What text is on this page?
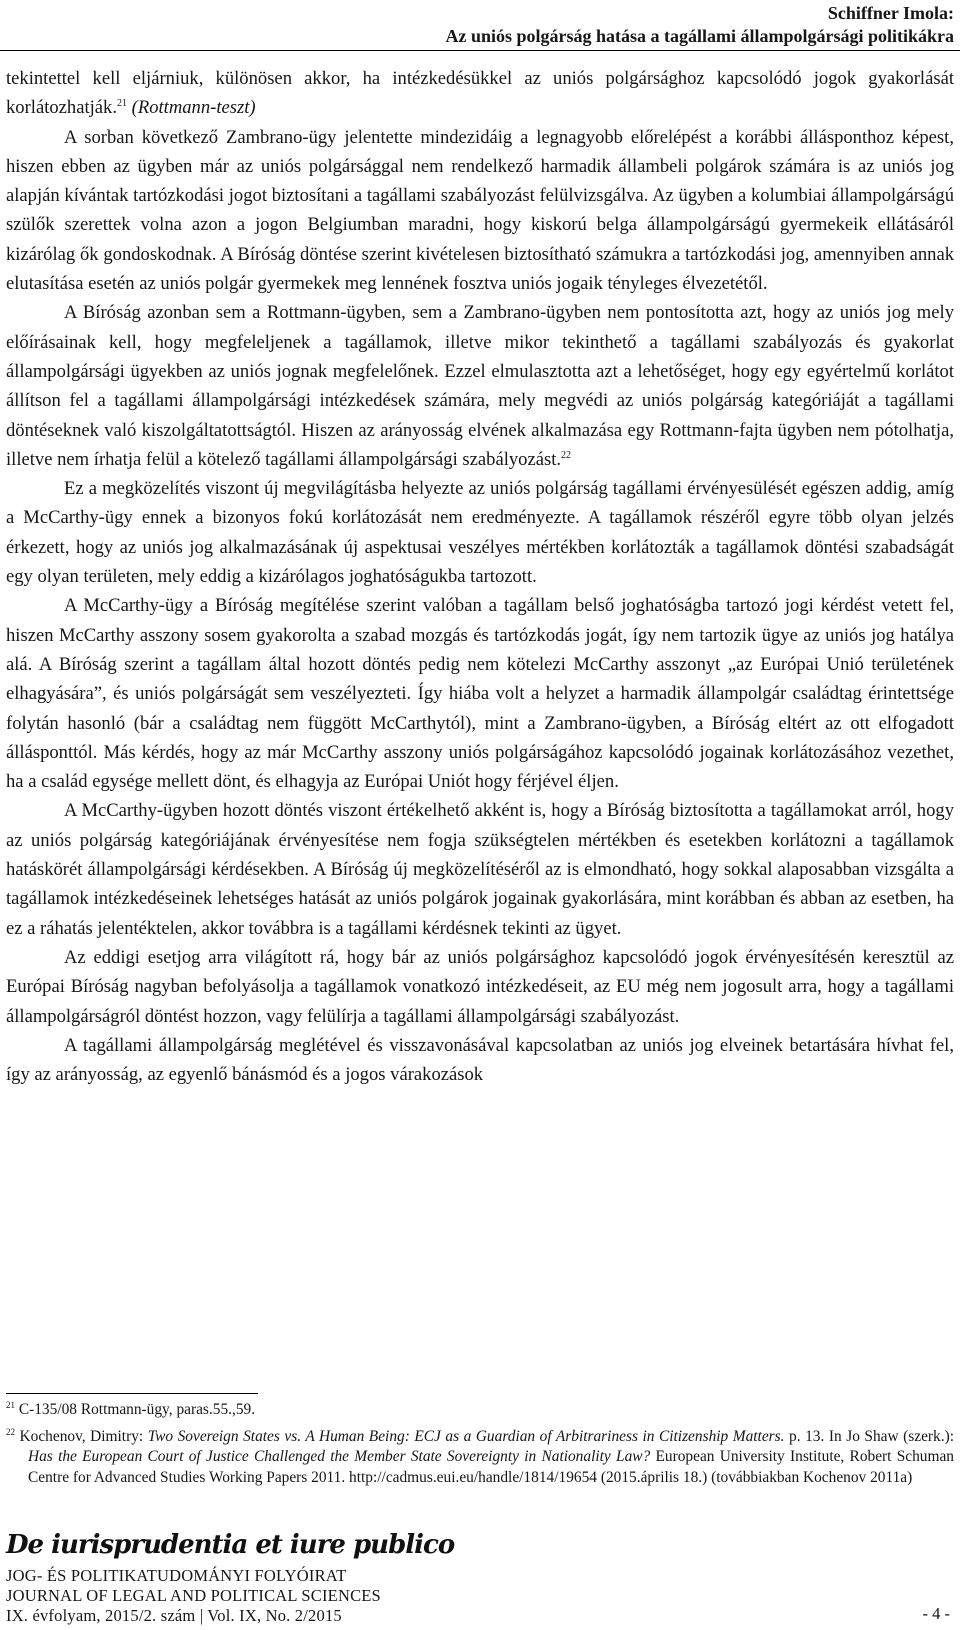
Schiffner Imola:
Az uniós polgárság hatása a tagállami állampolgársági politikákra

tekintettel kell eljárniuk, különösen akkor, ha intézkedésükkel az uniós polgársághoz kapcsolódó jogok gyakorlását korlátozhatják.$^{21}$ (Rottmann-teszt)

A sorban következő Zambrano-ügy jelentette mindezidáig a legnagyobb előrelépést a korábbi állásponthoz képest, hiszen ebben az ügyben már az uniós polgársággal nem rendelkező harmadik állambeli polgárok számára is az uniós jog alapján kívántak tartózkodási jogot biztosítani a tagállami szabályozást felülvizsgálva. Az ügyben a kolumbiai állampolgárságú szülők szerettek volna azon a jogon Belgiumban maradni, hogy kiskorú belga állampolgárságú gyermekeik ellátásáról kizárólag ők gondoskodnak. A Bíróság döntése szerint kivételesen biztosítható számukra a tartózkodási jog, amennyiben annak elutasítása esetén az uniós polgár gyermekek meg lennének fosztva uniós jogaik tényleges élvezetétől.

A Bíróság azonban sem a Rottmann-ügyben, sem a Zambrano-ügyben nem pontosította azt, hogy az uniós jog mely előírásainak kell, hogy megfeleljenek a tagállamok, illetve mikor tekinthető a tagállami szabályozás és gyakorlat állampolgársági ügyekben az uniós jognak megfelelőnek. Ezzel elmulasztotta azt a lehetőséget, hogy egy egyértelmű korlátot állítson fel a tagállami állampolgársági intézkedések számára, mely megvédi az uniós polgárság kategóriáját a tagállami döntéseknek való kiszolgáltatottságtól. Hiszen az arányosság elvének alkalmazása egy Rottmann-fajta ügyben nem pótolhatja, illetve nem írhatja felül a kötelező tagállami állampolgársági szabályozást.$^{22}$

Ez a megközelítés viszont új megvilágításba helyezte az uniós polgárság tagállami érvényesülését egészen addig, amíg a McCarthy-ügy ennek a bizonyos fokú korlátozását nem eredményezte. A tagállamok részéről egyre több olyan jelzés érkezett, hogy az uniós jog alkalmazásának új aspektusai veszélyes mértékben korlátozták a tagállamok döntési szabadságát egy olyan területen, mely eddig a kizárólagos joghatóságukba tartozott.

A McCarthy-ügy a Bíróság megítélése szerint valóban a tagállam belső joghatóságba tartozó jogi kérdést vetett fel, hiszen McCarthy asszony sosem gyakorolta a szabad mozgás és tartózkodás jogát, így nem tartozik ügye az uniós jog hatálya alá. A Bíróság szerint a tagállam által hozott döntés pedig nem kötelezi McCarthy asszonyt „az Európai Unió területének elhagyására”, és uniós polgárságát sem veszélyezteti. Így hiába volt a helyzet a harmadik állampolgár családtag érintettsége folytán hasonló (bár a családtag nem függött McCarthytól), mint a Zambrano-ügyben, a Bíróság eltért az ott elfogadott állásponttól. Más kérdés, hogy az már McCarthy asszony uniós polgárságához kapcsolódó jogainak korlátozásához vezethet, ha a család egysége mellett dönt, és elhagyja az Európai Uniót hogy férjével éljen.

A McCarthy-ügyben hozott döntés viszont értékelhető akként is, hogy a Bíróság biztosította a tagállamokat arról, hogy az uniós polgárság kategóriájának érvényesítése nem fogja szükségtelen mértékben és esetekben korlátozni a tagállamok hatáskörét állampolgársági kérdésekben. A Bíróság új megközelítéséről az is elmondható, hogy sokkal alaposabban vizsgálta a tagállamok intézkedéseinek lehetséges hatását az uniós polgárok jogainak gyakorlására, mint korábban és abban az esetben, ha ez a ráhatás jelentéktelen, akkor továbbra is a tagállami kérdésnek tekinti az ügyet.

Az eddigi esetjog arra világított rá, hogy bár az uniós polgársághoz kapcsolódó jogok érvényesítésén keresztül az Európai Bíróság nagyban befolyásolja a tagállamok vonatkozó intézkedéseit, az EU még nem jogosult arra, hogy a tagállami állampolgárságról döntést hozzon, vagy felülírja a tagállami állampolgársági szabályozást.

A tagállami állampolgárság meglétével és visszavonásával kapcsolatban az uniós jog elveinek betartására hívhat fel, így az arányosság, az egyenlő bánásmód és a jogos várakozások

$^{21}$ C-135/08 Rottmann-ügy, paras.55.,59.

$^{22}$ Kochenov, Dimitry: Two Sovereign States vs. A Human Being: ECJ as a Guardian of Arbitrariness in Citizenship Matters. p. 13. In Jo Shaw (szerk.): Has the European Court of Justice Challenged the Member State Sovereignty in Nationality Law? European University Institute, Robert Schuman Centre for Advanced Studies Working Papers 2011. http://cadmus.eui.eu/handle/1814/19654 (2015.április 18.) (továbbiakban Kochenov 2011a)

De iurisprudentia et iure publico
JOG- ÉS POLITIKATUDOMÁNYI FOLYÓIRAT
JOURNAL OF LEGAL AND POLITICAL SCIENCES
IX. évfolyam, 2015/2. szám | Vol. IX, No. 2/2015	- 4 -
